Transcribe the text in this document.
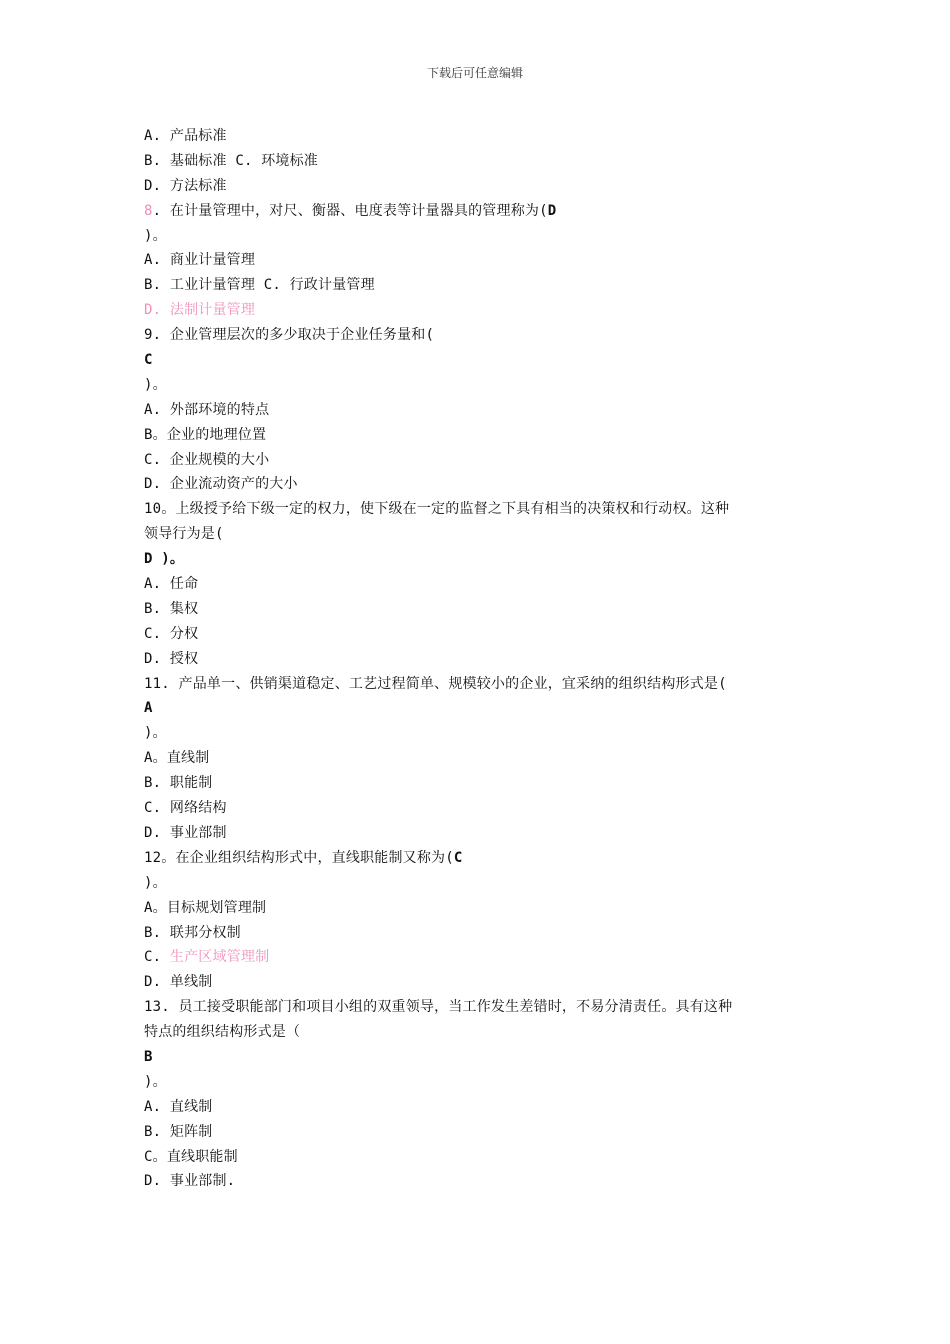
下载后可任意编辑
A. 产品标准
B. 基础标准 C. 环境标准
D. 方法标准
8. 在计量管理中，对尺、衡器、电度表等计量器具的管理称为(D
)。
A. 商业计量管理
B. 工业计量管理 C. 行政计量管理
D. 法制计量管理
9. 企业管理层次的多少取决于企业任务量和(
C
)。
A. 外部环境的特点
B。企业的地理位置
C. 企业规模的大小
D. 企业流动资产的大小
10。上级授予给下级一定的权力，使下级在一定的监督之下具有相当的决策权和行动权。这种
领导行为是(
D )。
A. 任命
B. 集权
C. 分权
D. 授权
11. 产品单一、供销渠道稳定、工艺过程简单、规模较小的企业，宜采纳的组织结构形式是(
A
)。
A。直线制
B. 职能制
C. 网络结构
D. 事业部制
12。在企业组织结构形式中，直线职能制又称为(C
)。
A。目标规划管理制
B. 联邦分权制
C. 生产区域管理制
D. 单线制
13. 员工接受职能部门和项目小组的双重领导，当工作发生差错时，不易分清责任。具有这种
特点的组织结构形式是（
B
)。
A. 直线制
B. 矩阵制
C。直线职能制
D. 事业部制.
